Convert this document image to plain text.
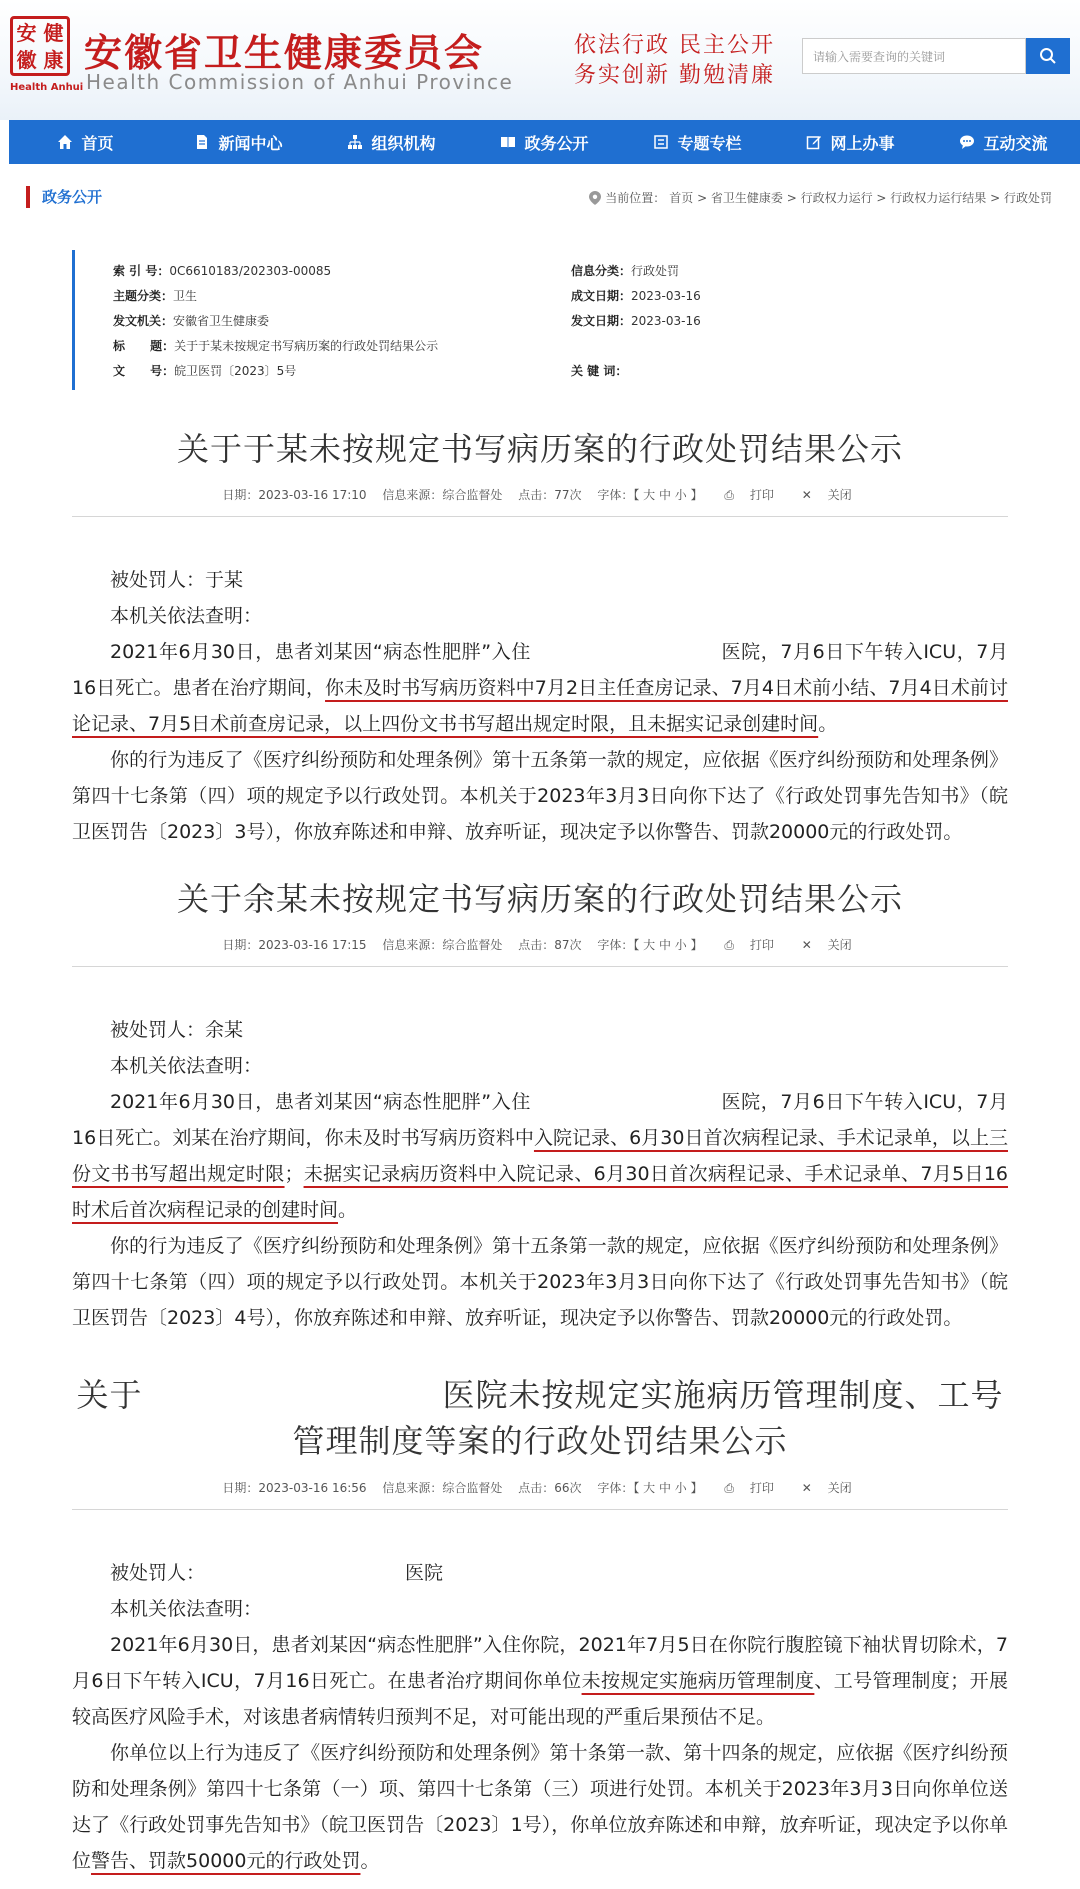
安 健
徽 康
Health Anhui
安徽省卫生健康委员会
Health Commission of Anhui Province
依法行政 民主公开
务实创新 勤勉清廉
请输入需要查询的关键词
首页	新闻中心	组织机构	政务公开	专题专栏	网上办事	互动交流
政务公开	当前位置： 首页 > 省卫生健康委 > 行政权力运行 > 行政权力运行结果 > 行政处罚
索 引 号：0C6610183/202303-00085	信息分类：行政处罚
主题分类：卫生	成文日期：2023-03-16
发文机关：安徽省卫生健康委	发文日期：2023-03-16
标      题：关于于某未按规定书写病历案的行政处罚结果公示
文      号：皖卫医罚〔2023〕5号	关 键 词：
关于于某未按规定书写病历案的行政处罚结果公示
日期：2023-03-16 17:10 信息来源：综合监督处 点击：77次 字体：【 大 中 小 】 ⎙ 打印 ✕ 关闭
被处罚人：于某
本机关依法查明：
2021年6月30日，患者刘某因“病态性肥胖”入住	医院，7月6日下午转入ICU，7月16日死亡。患者在治疗期间，你未及时书写病历资料中7月2日主任查房记录、7月4日术前小结、7月4日术前讨论记录、7月5日术前查房记录，以上四份文书书写超出规定时限，且未据实记录创建时间。
你的行为违反了《医疗纠纷预防和处理条例》第十五条第一款的规定，应依据《医疗纠纷预防和处理条例》第四十七条第（四）项的规定予以行政处罚。本机关于2023年3月3日向你下达了《行政处罚事先告知书》（皖卫医罚告〔2023〕3号），你放弃陈述和申辩、放弃听证，现决定予以你警告、罚款20000元的行政处罚。
关于余某未按规定书写病历案的行政处罚结果公示
日期：2023-03-16 17:15 信息来源：综合监督处 点击：87次 字体：【 大 中 小 】 ⎙ 打印 ✕ 关闭
被处罚人：余某
本机关依法查明：
2021年6月30日，患者刘某因“病态性肥胖”入住	医院，7月6日下午转入ICU，7月16日死亡。刘某在治疗期间，你未及时书写病历资料中入院记录、6月30日首次病程记录、手术记录单，以上三份文书书写超出规定时限；未据实记录病历资料中入院记录、6月30日首次病程记录、手术记录单、7月5日16时术后首次病程记录的创建时间。
你的行为违反了《医疗纠纷预防和处理条例》第十五条第一款的规定，应依据《医疗纠纷预防和处理条例》第四十七条第（四）项的规定予以行政处罚。本机关于2023年3月3日向你下达了《行政处罚事先告知书》（皖卫医罚告〔2023〕4号），你放弃陈述和申辩、放弃听证，现决定予以你警告、罚款20000元的行政处罚。
关于	医院未按规定实施病历管理制度、工号
管理制度等案的行政处罚结果公示
日期：2023-03-16 16:56 信息来源：综合监督处 点击：66次 字体：【 大 中 小 】 ⎙ 打印 ✕ 关闭
被处罚人：	医院
本机关依法查明：
2021年6月30日，患者刘某因“病态性肥胖”入住你院，2021年7月5日在你院行腹腔镜下袖状胃切除术，7月6日下午转入ICU，7月16日死亡。在患者治疗期间你单位未按规定实施病历管理制度、工号管理制度；开展较高医疗风险手术，对该患者病情转归预判不足，对可能出现的严重后果预估不足。
你单位以上行为违反了《医疗纠纷预防和处理条例》第十条第一款、第十四条的规定，应依据《医疗纠纷预防和处理条例》第四十七条第（一）项、第四十七条第（三）项进行处罚。本机关于2023年3月3日向你单位送达了《行政处罚事先告知书》（皖卫医罚告〔2023〕1号），你单位放弃陈述和申辩，放弃听证，现决定予以你单位警告、罚款50000元的行政处罚。
